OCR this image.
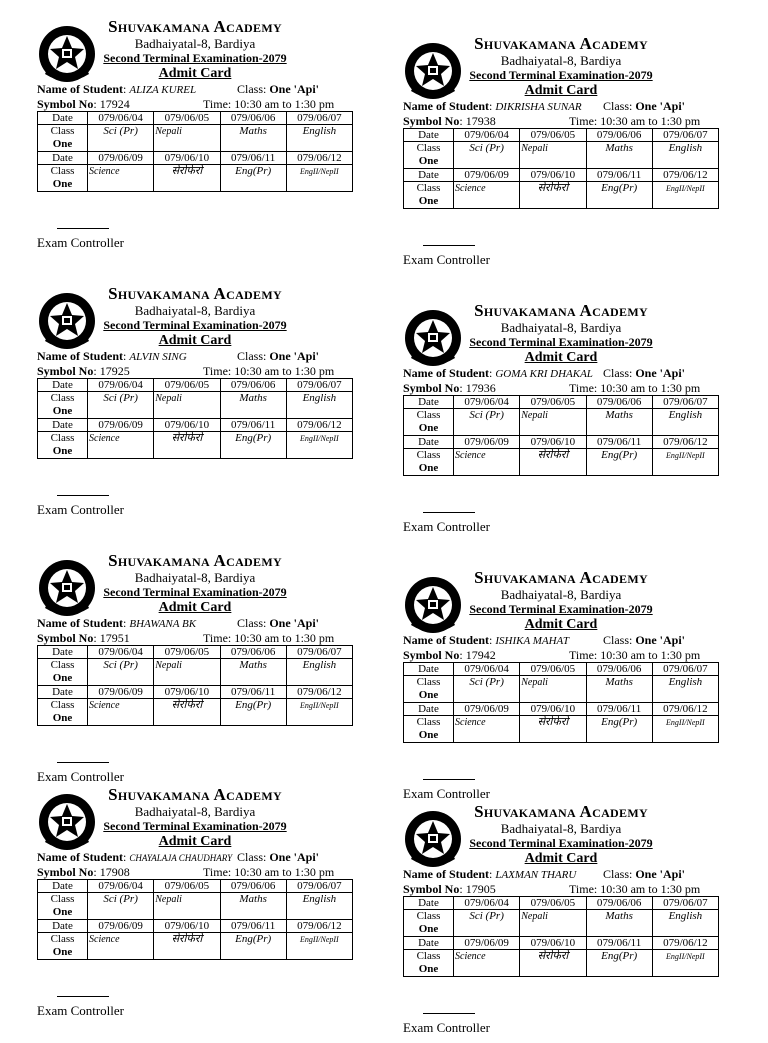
Shuvakamana Academy
Badhaiyatal-8, Bardiya
Second Terminal Examination-2079
Admit Card
Name of Student: ALIZA KUREL	Class: One 'Api'
Symbol No: 17924	Time: 10:30 am to 1:30 pm
Date	079/06/04	079/06/05	079/06/06	079/06/07
Class
One	Sci (Pr)	Nepali	Maths	English
Date	079/06/09	079/06/10	079/06/11	079/06/12
Class
One	Science	सेरोफेरो	Eng(Pr)	EngII/NepII
Exam Controller
Shuvakamana Academy
Badhaiyatal-8, Bardiya
Second Terminal Examination-2079
Admit Card
Name of Student: DIKRISHA SUNAR Class: One 'Api'
Symbol No: 17938	Time: 10:30 am to 1:30 pm
Date	079/06/04	079/06/05	079/06/06	079/06/07
Class
One	Sci (Pr)	Nepali	Maths	English
Date	079/06/09	079/06/10	079/06/11	079/06/12
Class
One	Science	सेरोफेरो	Eng(Pr)	EngII/NepII
Exam Controller
Shuvakamana Academy
Badhaiyatal-8, Bardiya
Second Terminal Examination-2079
Admit Card
Name of Student: ALVIN SING	Class: One 'Api'
Symbol No: 17925	Time: 10:30 am to 1:30 pm
Date	079/06/04	079/06/05	079/06/06	079/06/07
Class
One	Sci (Pr)	Nepali	Maths	English
Date	079/06/09	079/06/10	079/06/11	079/06/12
Class
One	Science	सेरोफेरो	Eng(Pr)	EngII/NepII
Exam Controller
Shuvakamana Academy
Badhaiyatal-8, Bardiya
Second Terminal Examination-2079
Admit Card
Name of Student: GOMA KRI DHAKAL Class: One 'Api'
Symbol No: 17936	Time: 10:30 am to 1:30 pm
Date	079/06/04	079/06/05	079/06/06	079/06/07
Class
One	Sci (Pr)	Nepali	Maths	English
Date	079/06/09	079/06/10	079/06/11	079/06/12
Class
One	Science	सेरोफेरो	Eng(Pr)	EngII/NepII
Exam Controller
Shuvakamana Academy
Badhaiyatal-8, Bardiya
Second Terminal Examination-2079
Admit Card
Name of Student: BHAWANA BK	Class: One 'Api'
Symbol No: 17951	Time: 10:30 am to 1:30 pm
Date	079/06/04	079/06/05	079/06/06	079/06/07
Class
One	Sci (Pr)	Nepali	Maths	English
Date	079/06/09	079/06/10	079/06/11	079/06/12
Class
One	Science	सेरोफेरो	Eng(Pr)	EngII/NepII
Exam Controller
Shuvakamana Academy
Badhaiyatal-8, Bardiya
Second Terminal Examination-2079
Admit Card
Name of Student: ISHIKA MAHAT	Class: One 'Api'
Symbol No: 17942	Time: 10:30 am to 1:30 pm
Date	079/06/04	079/06/05	079/06/06	079/06/07
Class
One	Sci (Pr)	Nepali	Maths	English
Date	079/06/09	079/06/10	079/06/11	079/06/12
Class
One	Science	सेरोफेरो	Eng(Pr)	EngII/NepII
Exam Controller
Shuvakamana Academy
Badhaiyatal-8, Bardiya
Second Terminal Examination-2079
Admit Card
Name of Student: CHAYALAJA CHAUDHARY Class: One 'Api'
Symbol No: 17908	Time: 10:30 am to 1:30 pm
Date	079/06/04	079/06/05	079/06/06	079/06/07
Class
One	Sci (Pr)	Nepali	Maths	English
Date	079/06/09	079/06/10	079/06/11	079/06/12
Class
One	Science	सेरोफेरो	Eng(Pr)	EngII/NepII
Exam Controller
Shuvakamana Academy
Badhaiyatal-8, Bardiya
Second Terminal Examination-2079
Admit Card
Name of Student: LAXMAN THARU Class: One 'Api'
Symbol No: 17905	Time: 10:30 am to 1:30 pm
Date	079/06/04	079/06/05	079/06/06	079/06/07
Class
One	Sci (Pr)	Nepali	Maths	English
Date	079/06/09	079/06/10	079/06/11	079/06/12
Class
One	Science	सेरोफेरो	Eng(Pr)	EngII/NepII
Exam Controller
